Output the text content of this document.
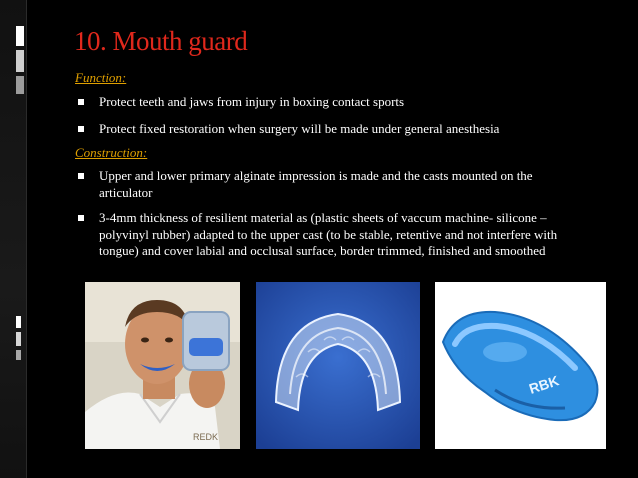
10. Mouth guard
Function:
Protect teeth and jaws from injury in boxing contact sports
Protect fixed restoration when surgery will be made under general anesthesia
Construction:
Upper and lower primary alginate impression is made and the casts mounted on the articulator
3-4mm thickness of resilient material as (plastic sheets of vaccum machine- silicone – polyvinyl rubber) adapted to the upper cast (to be stable, retentive and not interfere with tongue) and cover labial and occlusal surface, border trimmed, finished and smoothed
REDK
RBK
